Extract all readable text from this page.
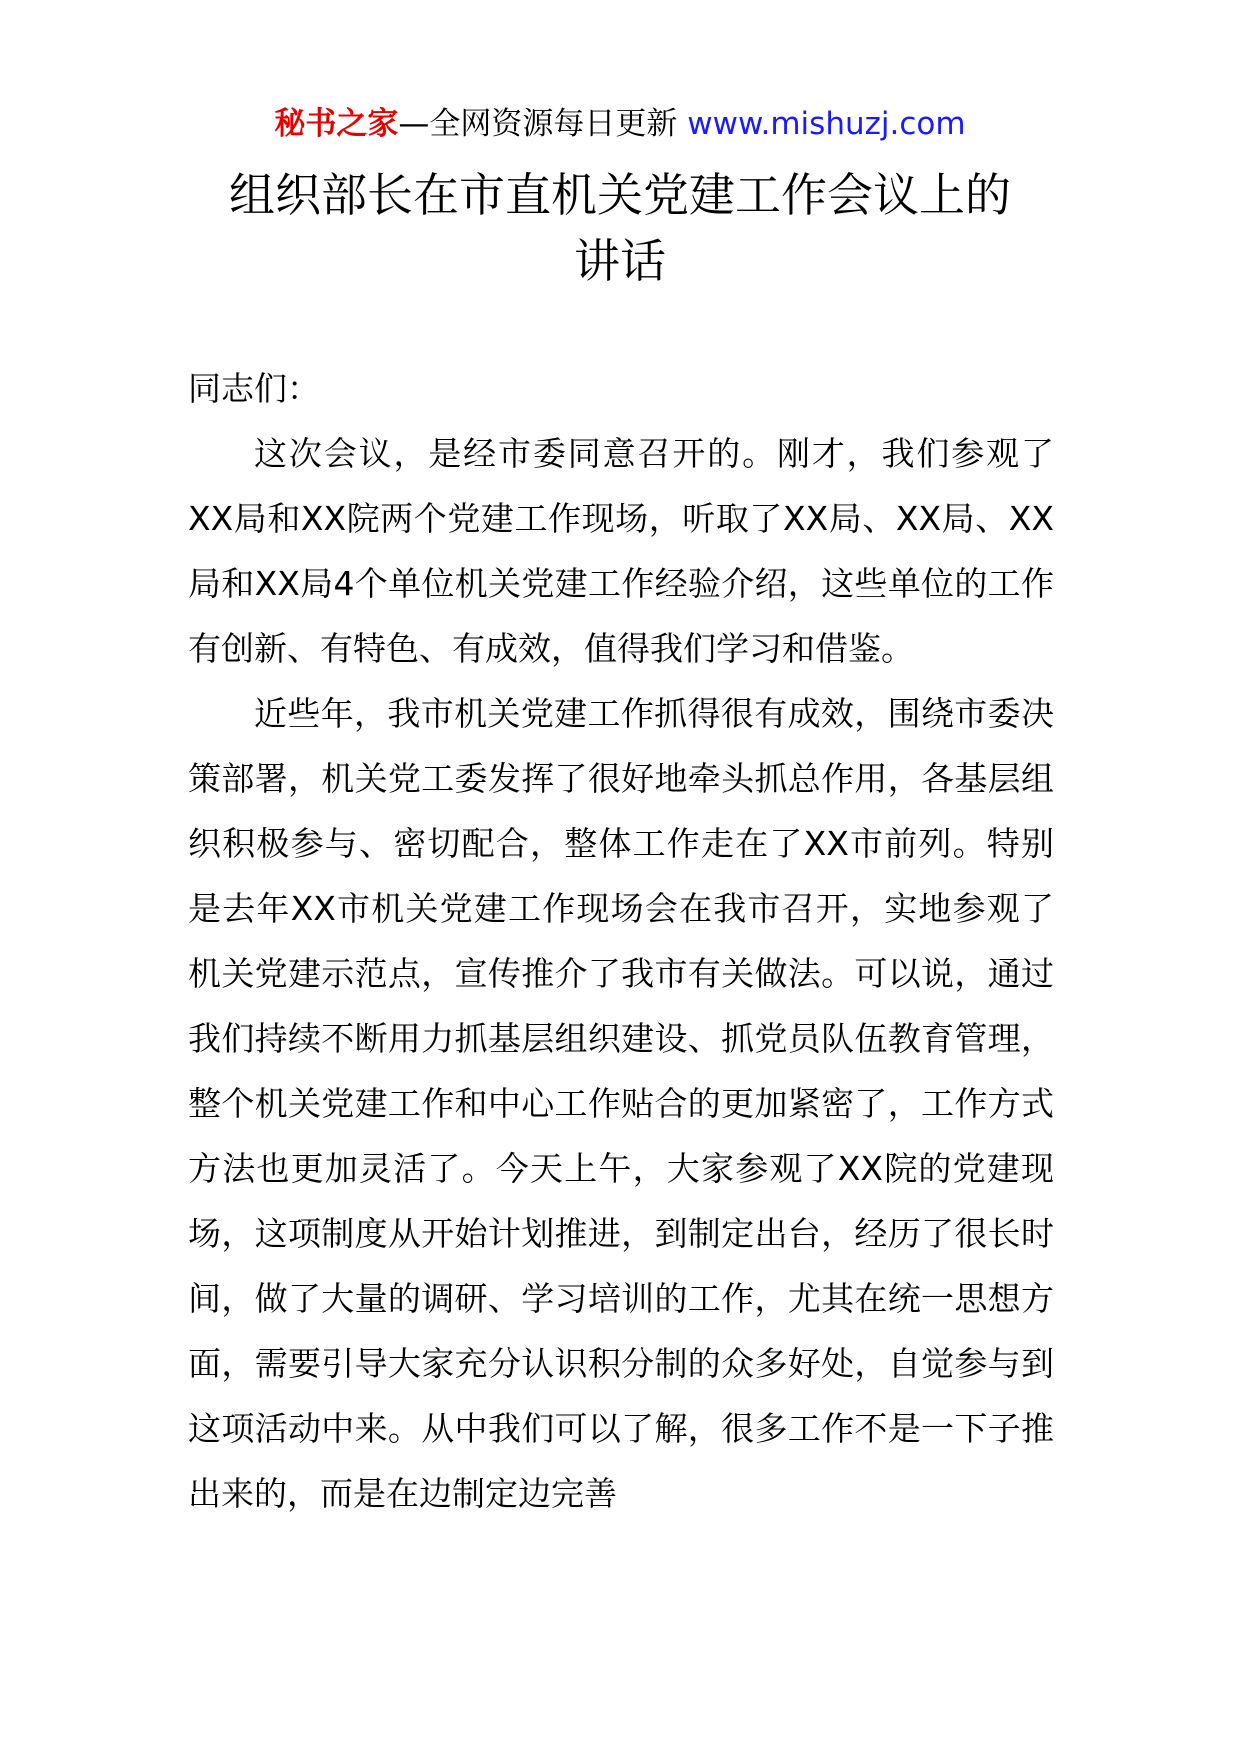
秘书之家—全网资源每日更新 www.mishuzj.com
组织部长在市直机关党建工作会议上的
讲话

同志们：

这次会议，是经市委同意召开的。刚才，我们参观了XX局和XX院两个党建工作现场，听取了XX局、XX局、XX局和XX局4个单位机关党建工作经验介绍，这些单位的工作有创新、有特色、有成效，值得我们学习和借鉴。

近些年，我市机关党建工作抓得很有成效，围绕市委决策部署，机关党工委发挥了很好地牵头抓总作用，各基层组织积极参与、密切配合，整体工作走在了XX市前列。特别是去年XX市机关党建工作现场会在我市召开，实地参观了机关党建示范点，宣传推介了我市有关做法。可以说，通过我们持续不断用力抓基层组织建设、抓党员队伍教育管理，整个机关党建工作和中心工作贴合的更加紧密了，工作方式方法也更加灵活了。今天上午，大家参观了XX院的党建现场，这项制度从开始计划推进，到制定出台，经历了很长时间，做了大量的调研、学习培训的工作，尤其在统一思想方面，需要引导大家充分认识积分制的众多好处，自觉参与到这项活动中来。从中我们可以了解，很多工作不是一下子推出来的，而是在边制定边完善
